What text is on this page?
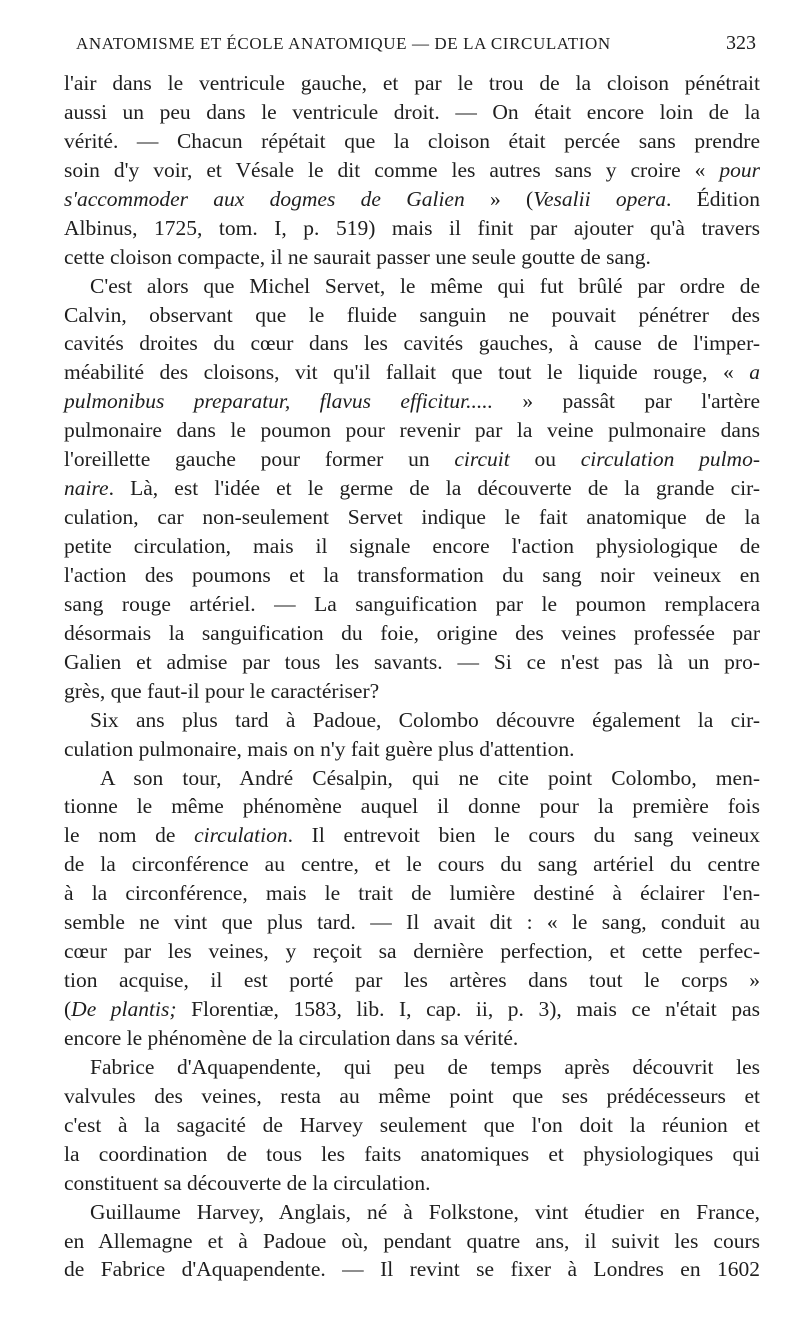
ANATOMISME ET ÉCOLE ANATOMIQUE — DE LA CIRCULATION	323
l'air dans le ventricule gauche, et par le trou de la cloison pénétrait
aussi un peu dans le ventricule droit. — On était encore loin de la
vérité. — Chacun répétait que la cloison était percée sans prendre
soin d'y voir, et Vésale le dit comme les autres sans y croire « pour
s'accommoder aux dogmes de Galien » (Vesalii opera. Édition
Albinus, 1725, tom. I, p. 519) mais il finit par ajouter qu'à travers
cette cloison compacte, il ne saurait passer une seule goutte de sang.
C'est alors que Michel Servet, le même qui fut brûlé par ordre de
Calvin, observant que le fluide sanguin ne pouvait pénétrer des
cavités droites du cœur dans les cavités gauches, à cause de l'imper-
méabilité des cloisons, vit qu'il fallait que tout le liquide rouge, « a
pulmonibus preparatur, flavus efficitur..... » passât par l'artère
pulmonaire dans le poumon pour revenir par la veine pulmonaire dans
l'oreillette gauche pour former un circuit ou circulation pulmo-
naire. Là, est l'idée et le germe de la découverte de la grande cir-
culation, car non-seulement Servet indique le fait anatomique de la
petite circulation, mais il signale encore l'action physiologique de
l'action des poumons et la transformation du sang noir veineux en
sang rouge artériel. — La sanguification par le poumon remplacera
désormais la sanguification du foie, origine des veines professée par
Galien et admise par tous les savants. — Si ce n'est pas là un pro-
grès, que faut-il pour le caractériser?
Six ans plus tard à Padoue, Colombo découvre également la cir-
culation pulmonaire, mais on n'y fait guère plus d'attention.
A son tour, André Césalpin, qui ne cite point Colombo, men-
tionne le même phénomène auquel il donne pour la première fois
le nom de circulation. Il entrevoit bien le cours du sang veineux
de la circonférence au centre, et le cours du sang artériel du centre
à la circonférence, mais le trait de lumière destiné à éclairer l'en-
semble ne vint que plus tard. — Il avait dit : « le sang, conduit au
cœur par les veines, y reçoit sa dernière perfection, et cette perfec-
tion acquise, il est porté par les artères dans tout le corps »
(De plantis; Florentiæ, 1583, lib. I, cap. ii, p. 3), mais ce n'était pas
encore le phénomène de la circulation dans sa vérité.
Fabrice d'Aquapendente, qui peu de temps après découvrit les
valvules des veines, resta au même point que ses prédécesseurs et
c'est à la sagacité de Harvey seulement que l'on doit la réunion et
la coordination de tous les faits anatomiques et physiologiques qui
constituent sa découverte de la circulation.
Guillaume Harvey, Anglais, né à Folkstone, vint étudier en France,
en Allemagne et à Padoue où, pendant quatre ans, il suivit les cours
de Fabrice d'Aquapendente. — Il revint se fixer à Londres en 1602
